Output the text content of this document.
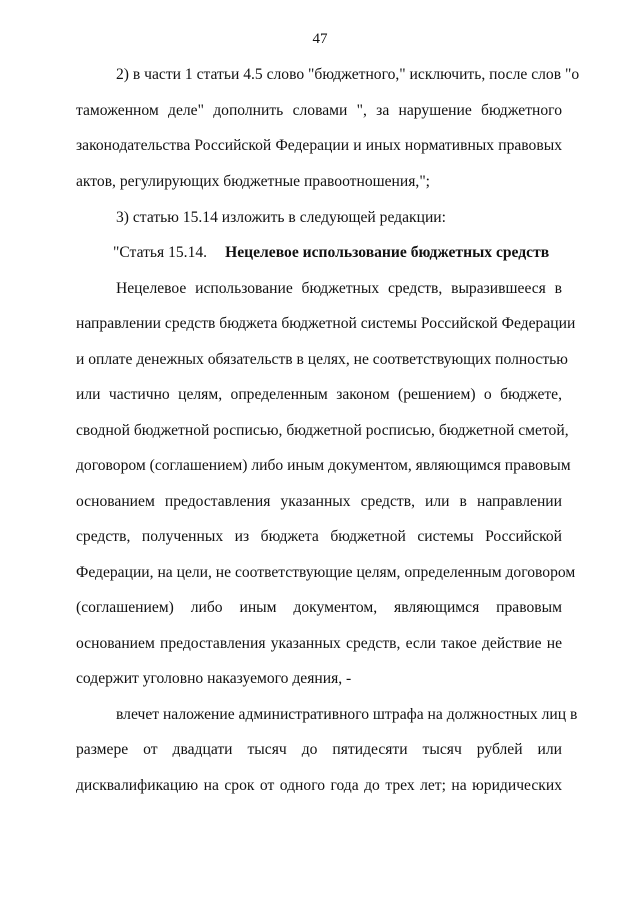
47
2) в части 1 статьи 4.5 слово "бюджетного," исключить, после слов "о
таможенном деле" дополнить словами ", за нарушение бюджетного
законодательства Российской Федерации и иных нормативных правовых
актов, регулирующих бюджетные правоотношения,";
3) статью 15.14 изложить в следующей редакции:
"Статья 15.14. Нецелевое использование бюджетных средств
Нецелевое использование бюджетных средств, выразившееся в
направлении средств бюджета бюджетной системы Российской Федерации
и оплате денежных обязательств в целях, не соответствующих полностью
или частично целям, определенным законом (решением) о бюджете,
сводной бюджетной росписью, бюджетной росписью, бюджетной сметой,
договором (соглашением) либо иным документом, являющимся правовым
основанием предоставления указанных средств, или в направлении
средств, полученных из бюджета бюджетной системы Российской
Федерации, на цели, не соответствующие целям, определенным договором
(соглашением) либо иным документом, являющимся правовым
основанием предоставления указанных средств, если такое действие не
содержит уголовно наказуемого деяния, -
влечет наложение административного штрафа на должностных лиц в
размере от двадцати тысяч до пятидесяти тысяч рублей или
дисквалификацию на срок от одного года до трех лет; на юридических
